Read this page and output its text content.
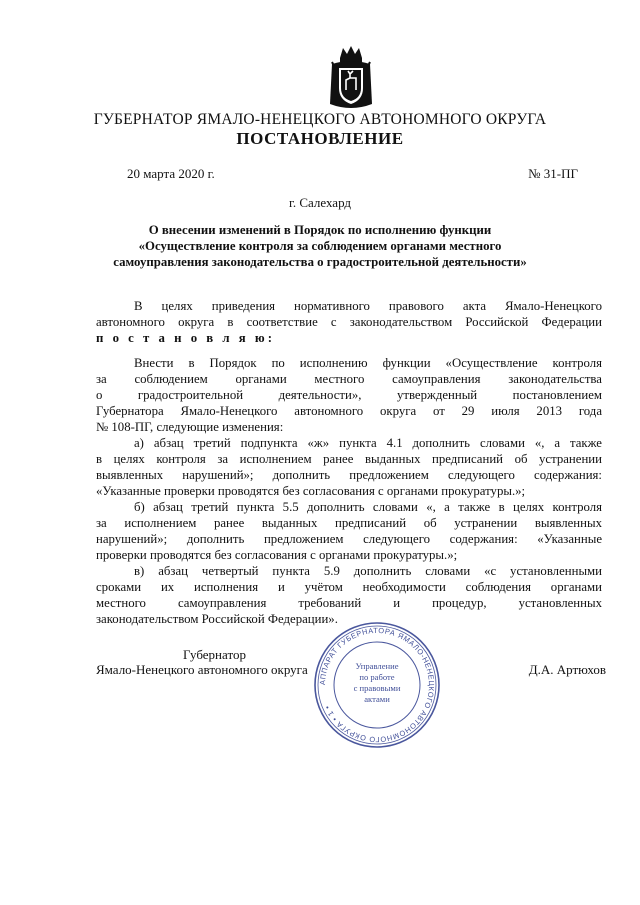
ГУБЕРНАТОР ЯМАЛО-НЕНЕЦКОГО АВТОНОМНОГО ОКРУГА
ПОСТАНОВЛЕНИЕ
20 марта 2020 г.	№ 31-ПГ
г. Салехард
О внесении изменений в Порядок по исполнению функции
«Осуществление контроля за соблюдением органами местного
самоуправления законодательства о градостроительной деятельности»
В целях приведения нормативного правового акта Ямало-Ненецкого
автономного округа в соответствие с законодательством Российской Федерации
п о с т а н о в л я ю:
Внести в Порядок по исполнению функции «Осуществление контроля
за соблюдением органами местного самоуправления законодательства
о градостроительной деятельности», утвержденный постановлением
Губернатора Ямало-Ненецкого автономного округа от 29 июля 2013 года
№ 108-ПГ, следующие изменения:
а) абзац третий подпункта «ж» пункта 4.1 дополнить словами «, а также
в целях контроля за исполнением ранее выданных предписаний об устранении
выявленных нарушений»; дополнить предложением следующего содержания:
«Указанные проверки проводятся без согласования с органами прокуратуры.»;
б) абзац третий пункта 5.5 дополнить словами «, а также в целях контроля
за исполнением ранее выданных предписаний об устранении выявленных
нарушений»; дополнить предложением следующего содержания: «Указанные
проверки проводятся без согласования с органами прокуратуры.»;
в) абзац четвертый пункта 5.9 дополнить словами «с установленными
сроками их исполнения и учётом необходимости соблюдения органами
местного самоуправления требований и процедур, установленных
законодательством Российской Федерации».
Губернатор
Ямало-Ненецкого автономного округа	Д.А. Артюхов
АППАРАТ ГУБЕРНАТОРА ЯМАЛО-НЕНЕЦКОГО АВТОНОМНОГО ОКРУГА • 1 •
Управление
по работе
с правовыми
актами
